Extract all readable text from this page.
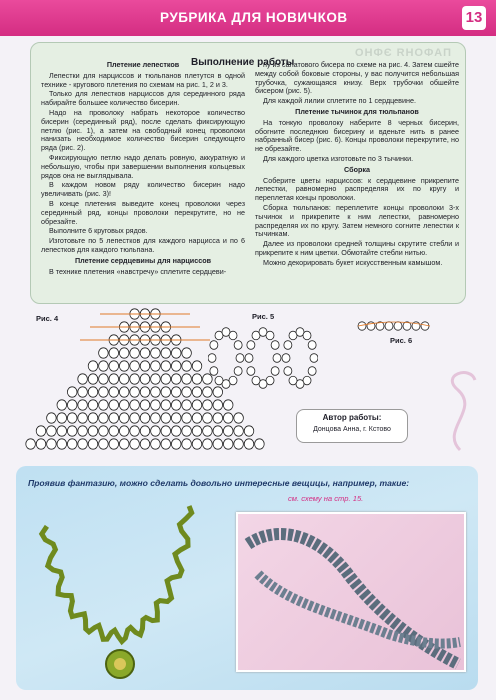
РУБРИКА ДЛЯ НОВИЧКОВ	13
ПАФОНЯ ЭФНО
Выполнение работы

Плетение лепестков

Лепестки для нарциссов и тюльпанов плетутся в одной технике - кругового плетения по схемам на рис. 1, 2 и 3.

Только для лепестков нарциссов для серединного ряда набирайте большее количество бисерин.

Надо на проволоку набрать некоторое количество бисерин (серединный ряд), после сделать фиксирующую петлю (рис. 1), а затем на свободный конец проволоки нанизать необходимое количество бисерин следующего ряда (рис. 2).

Фиксирующую петлю надо делать ровную, аккуратную и небольшую, чтобы при завершении выполнения кольцевых рядов она не выглядывала.

В каждом новом ряду количество бисерин надо увеличивать (рис. 3)!

В конце плетения выведите конец проволоки через серединный ряд, концы проволоки перекрутите, но не обрезайте.

Выполните 6 круговых рядов.

Изготовьте по 5 лепестков для каждого нарцисса и по 6 лепестков для каждого тюльпана.

Плетение сердцевины для нарциссов

В технике плетения «навстречу» сплетите сердцеви-

ну из салатового бисера по схеме на рис. 4. Затем сшейте между собой боковые стороны, у вас получится небольшая трубочка, сужающаяся книзу. Верх трубочки обшейте бисером (рис. 5).

Для каждой лилии сплетите по 1 сердцевине.

Плетение тычинок для тюльпанов

На тонкую проволоку наберите 8 черных бисерин, обогните последнюю бисерину и вденьте нить в ранее набранный бисер (рис. 6). Концы проволоки перекрутите, но не обрезайте.

Для каждого цветка изготовьте по 3 тычинки.

Сборка

Соберите цветы нарциссов: к сердцевине прикрепите лепестки, равномерно распределяя их по кругу и переплетая концы проволоки.

Сборка тюльпанов: переплетите концы проволоки 3-х тычинок и прикрепите к ним лепестки, равномерно распределяя их по кругу. Затем немного согните лепестки к тычинкам.

Далее из проволоки средней толщины скрутите стебли и прикрепите к ним цветки. Обмотайте стебли нитью.

Можно декорировать букет искусственным камышом.

Рис. 4	Рис. 5
Рис. 6
Автор работы:
Донцова Анна, г. Кстово
Проявив фантазию, можно сделать довольно интересные вещицы, например, такие:
см. схему на стр. 15.
